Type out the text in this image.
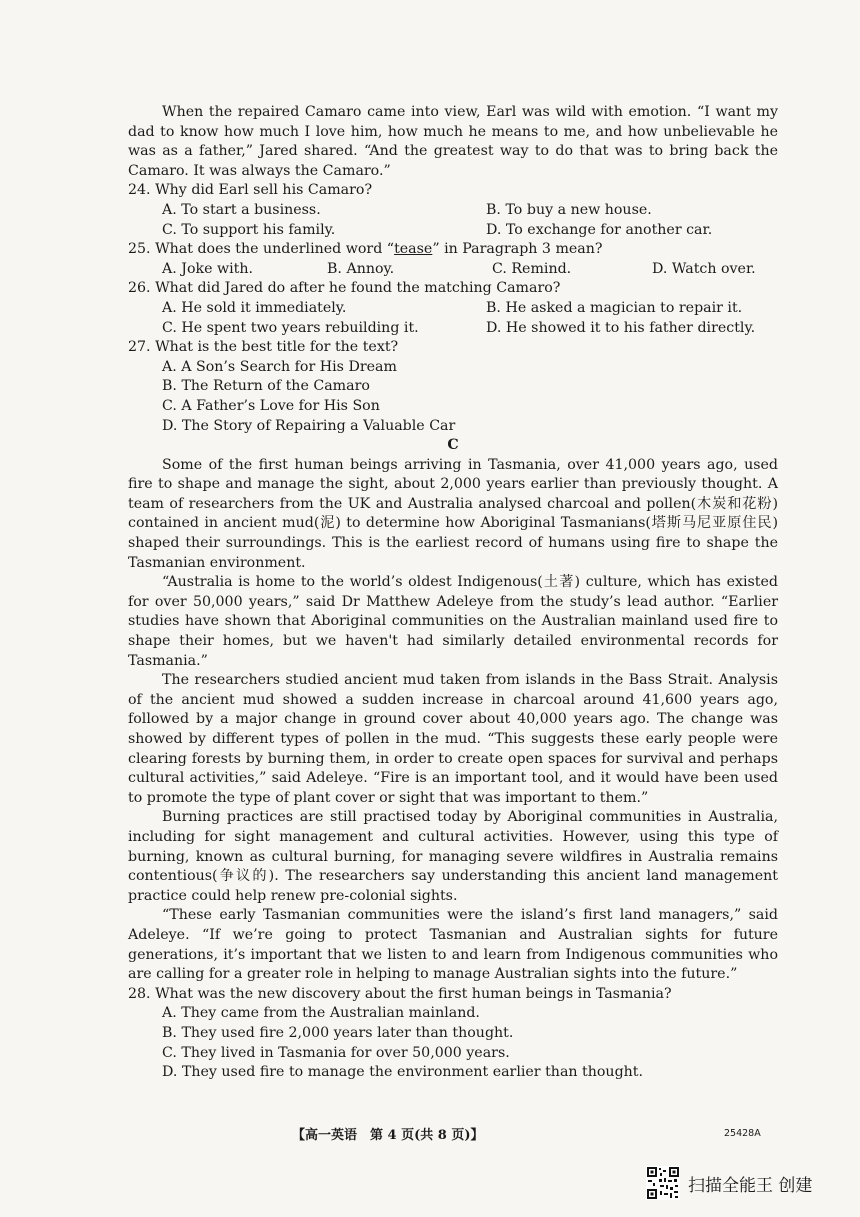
When the repaired Camaro came into view, Earl was wild with emotion. “I want my dad to know how much I love him, how much he means to me, and how unbelievable he was as a father,” Jared shared. “And the greatest way to do that was to bring back the Camaro. It was always the Camaro.”

24. Why did Earl sell his Camaro?

A. To start a business.	B. To buy a new house.
C. To support his family.	D. To exchange for another car.

25. What does the underlined word “tease” in Paragraph 3 mean?

A. Joke with.	B. Annoy.	C. Remind.	D. Watch over.

26. What did Jared do after he found the matching Camaro?

A. He sold it immediately.	B. He asked a magician to repair it.
C. He spent two years rebuilding it.	D. He showed it to his father directly.

27. What is the best title for the text?

A. A Son’s Search for His Dream
B. The Return of the Camaro
C. A Father’s Love for His Son
D. The Story of Repairing a Valuable Car

C

Some of the first human beings arriving in Tasmania, over 41,000 years ago, used fire to shape and manage the sight, about 2,000 years earlier than previously thought. A team of researchers from the UK and Australia analysed charcoal and pollen(木炭和花粉) contained in ancient mud(泥) to determine how Aboriginal Tasmanians(塔斯马尼亚原住民) shaped their surroundings. This is the earliest record of humans using fire to shape the Tasmanian environment.

“Australia is home to the world’s oldest Indigenous(土著) culture, which has existed for over 50,000 years,” said Dr Matthew Adeleye from the study’s lead author. “Earlier studies have shown that Aboriginal communities on the Australian mainland used fire to shape their homes, but we haven't had similarly detailed environmental records for Tasmania.”

The researchers studied ancient mud taken from islands in the Bass Strait. Analysis of the ancient mud showed a sudden increase in charcoal around 41,600 years ago, followed by a major change in ground cover about 40,000 years ago. The change was showed by different types of pollen in the mud. “This suggests these early people were clearing forests by burning them, in order to create open spaces for survival and perhaps cultural activities,” said Adeleye. “Fire is an important tool, and it would have been used to promote the type of plant cover or sight that was important to them.”

Burning practices are still practised today by Aboriginal communities in Australia, including for sight management and cultural activities. However, using this type of burning, known as cultural burning, for managing severe wildfires in Australia remains contentious(争议的). The researchers say understanding this ancient land management practice could help renew pre-colonial sights.

“These early Tasmanian communities were the island’s first land managers,” said Adeleye. “If we’re going to protect Tasmanian and Australian sights for future generations, it’s important that we listen to and learn from Indigenous communities who are calling for a greater role in helping to manage Australian sights into the future.”

28. What was the new discovery about the first human beings in Tasmania?

A. They came from the Australian mainland.
B. They used fire 2,000 years later than thought.
C. They lived in Tasmania for over 50,000 years.
D. They used fire to manage the environment earlier than thought.
【高一英语　第 4 页(共 8 页)】	25428A
扫描全能王 创建
